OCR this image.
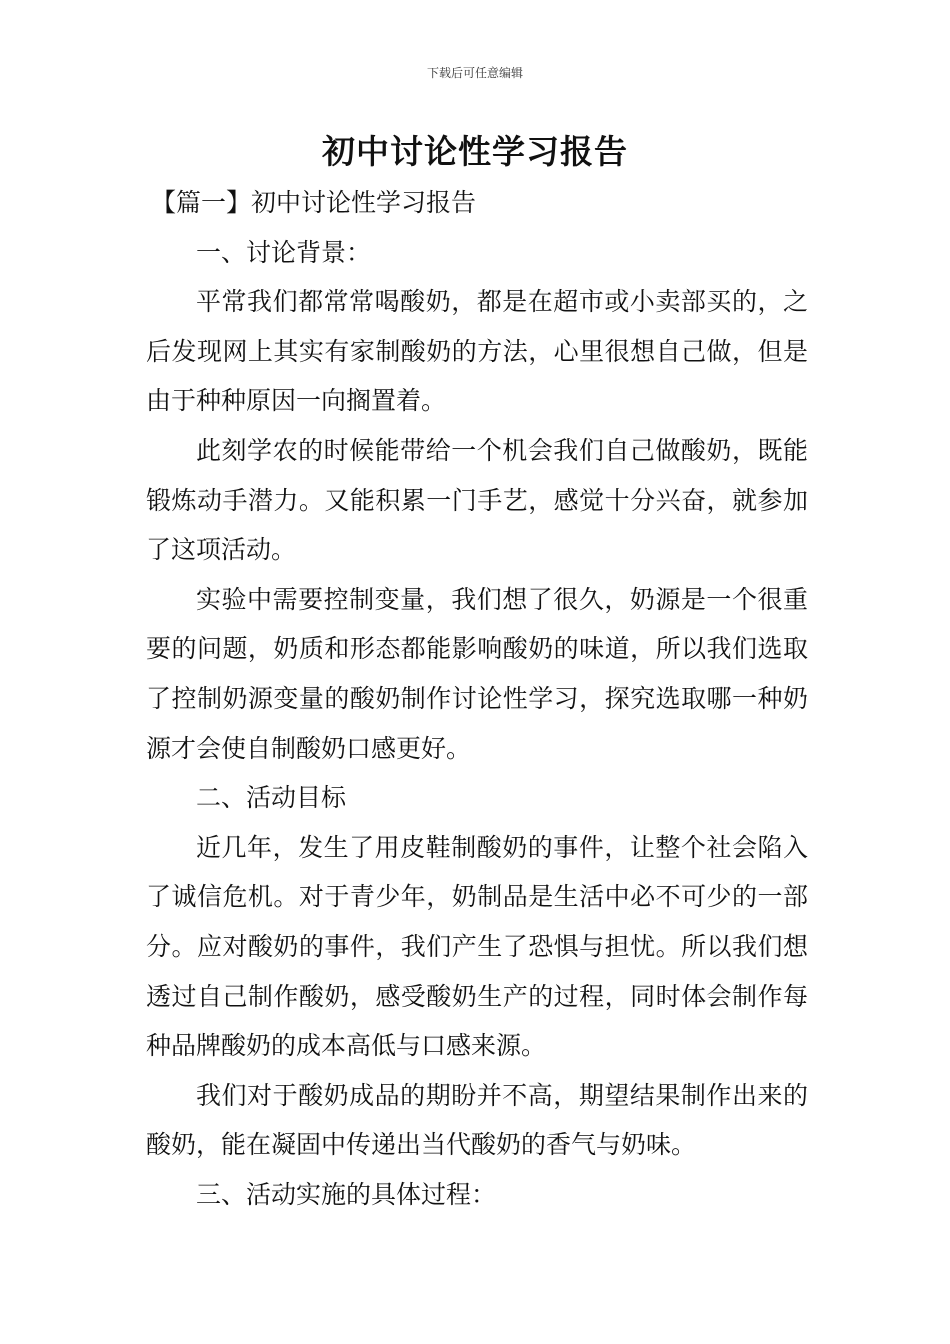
下载后可任意编辑
初中讨论性学习报告

【篇一】初中讨论性学习报告

一、讨论背景：

平常我们都常常喝酸奶，都是在超市或小卖部买的，之后发现网上其实有家制酸奶的方法，心里很想自己做，但是由于种种原因一向搁置着。

此刻学农的时候能带给一个机会我们自己做酸奶，既能锻炼动手潜力。又能积累一门手艺，感觉十分兴奋，就参加了这项活动。

实验中需要控制变量，我们想了很久，奶源是一个很重要的问题，奶质和形态都能影响酸奶的味道，所以我们选取了控制奶源变量的酸奶制作讨论性学习，探究选取哪一种奶源才会使自制酸奶口感更好。

二、活动目标

近几年，发生了用皮鞋制酸奶的事件，让整个社会陷入了诚信危机。对于青少年，奶制品是生活中必不可少的一部分。应对酸奶的事件，我们产生了恐惧与担忧。所以我们想透过自己制作酸奶，感受酸奶生产的过程，同时体会制作每种品牌酸奶的成本高低与口感来源。

我们对于酸奶成品的期盼并不高，期望结果制作出来的酸奶，能在凝固中传递出当代酸奶的香气与奶味。

三、活动实施的具体过程：
